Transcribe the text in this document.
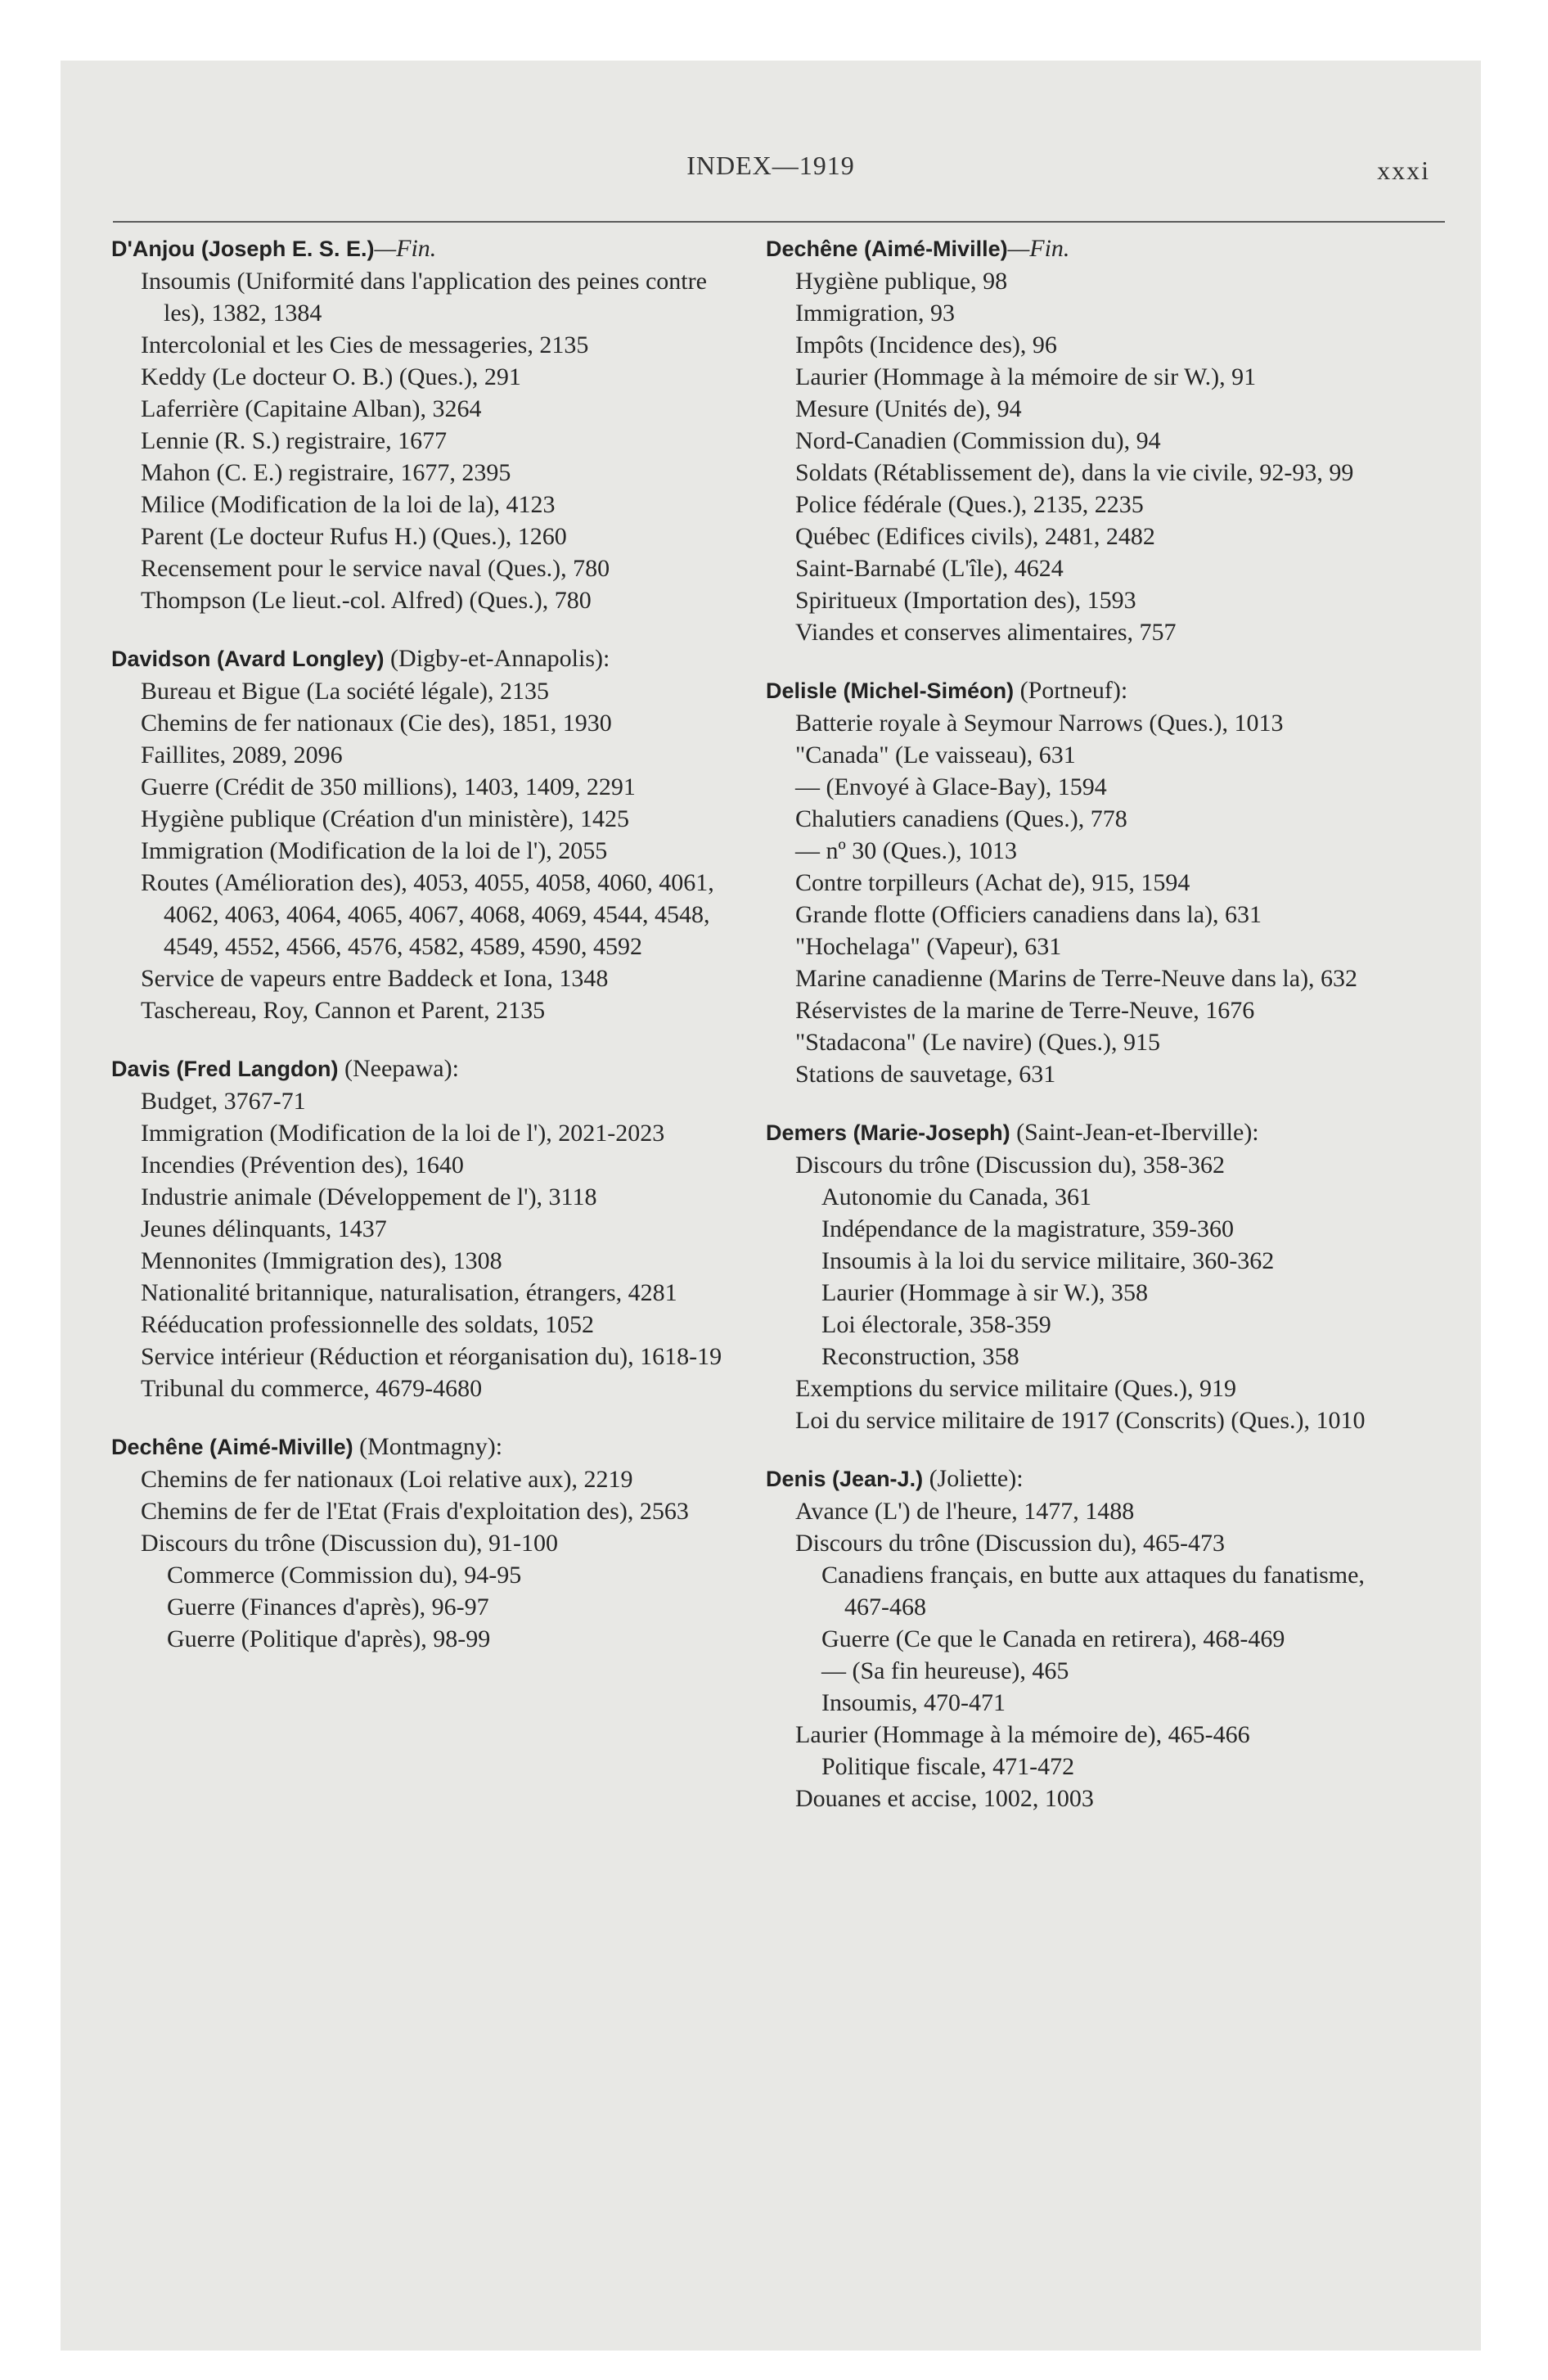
INDEX—1919	xxxi
D'Anjou (Joseph E. S. E.)—Fin.
Insoumis (Uniformité dans l'application des peines contre les), 1382, 1384
Intercolonial et les Cies de messageries, 2135
Keddy (Le docteur O. B.) (Ques.), 291
Laferrière (Capitaine Alban), 3264
Lennie (R. S.) registraire, 1677
Mahon (C. E.) registraire, 1677, 2395
Milice (Modification de la loi de la), 4123
Parent (Le docteur Rufus H.) (Ques.), 1260
Recensement pour le service naval (Ques.), 780
Thompson (Le lieut.-col. Alfred) (Ques.), 780
Davidson (Avard Longley) (Digby-et-Annapolis):
Bureau et Bigue (La société légale), 2135
Chemins de fer nationaux (Cie des), 1851, 1930
Faillites, 2089, 2096
Guerre (Crédit de 350 millions), 1403, 1409, 2291
Hygiène publique (Création d'un ministère), 1425
Immigration (Modification de la loi de l'), 2055
Routes (Amélioration des), 4053, 4055, 4058, 4060, 4061, 4062, 4063, 4064, 4065, 4067, 4068, 4069, 4544, 4548, 4549, 4552, 4566, 4576, 4582, 4589, 4590, 4592
Service de vapeurs entre Baddeck et Iona, 1348
Taschereau, Roy, Cannon et Parent, 2135
Davis (Fred Langdon) (Neepawa):
Budget, 3767-71
Immigration (Modification de la loi de l'), 2021-2023
Incendies (Prévention des), 1640
Industrie animale (Développement de l'), 3118
Jeunes délinquants, 1437
Mennonites (Immigration des), 1308
Nationalité britannique, naturalisation, étrangers, 4281
Rééducation professionnelle des soldats, 1052
Service intérieur (Réduction et réorganisation du), 1618-19
Tribunal du commerce, 4679-4680
Dechêne (Aimé-Miville) (Montmagny):
Chemins de fer nationaux (Loi relative aux), 2219
Chemins de fer de l'Etat (Frais d'exploitation des), 2563
Discours du trône (Discussion du), 91-100
Commerce (Commission du), 94-95
Guerre (Finances d'après), 96-97
Guerre (Politique d'après), 98-99
Dechêne (Aimé-Miville)—Fin.
Hygiène publique, 98
Immigration, 93
Impôts (Incidence des), 96
Laurier (Hommage à la mémoire de sir W.), 91
Mesure (Unités de), 94
Nord-Canadien (Commission du), 94
Soldats (Rétablissement de), dans la vie civile, 92-93, 99
Police fédérale (Ques.), 2135, 2235
Québec (Edifices civils), 2481, 2482
Saint-Barnabé (L'île), 4624
Spiritueux (Importation des), 1593
Viandes et conserves alimentaires, 757
Delisle (Michel-Siméon) (Portneuf):
Batterie royale à Seymour Narrows (Ques.), 1013
"Canada" (Le vaisseau), 631
— (Envoyé à Glace-Bay), 1594
Chalutiers canadiens (Ques.), 778
— nº 30 (Ques.), 1013
Contre torpilleurs (Achat de), 915, 1594
Grande flotte (Officiers canadiens dans la), 631
"Hochelaga" (Vapeur), 631
Marine canadienne (Marins de Terre-Neuve dans la), 632
Réservistes de la marine de Terre-Neuve, 1676
"Stadacona" (Le navire) (Ques.), 915
Stations de sauvetage, 631
Demers (Marie-Joseph) (Saint-Jean-et-Iberville):
Discours du trône (Discussion du), 358-362
Autonomie du Canada, 361
Indépendance de la magistrature, 359-360
Insoumis à la loi du service militaire, 360-362
Laurier (Hommage à sir W.), 358
Loi électorale, 358-359
Reconstruction, 358
Exemptions du service militaire (Ques.), 919
Loi du service militaire de 1917 (Conscrits) (Ques.), 1010
Denis (Jean-J.) (Joliette):
Avance (L') de l'heure, 1477, 1488
Discours du trône (Discussion du), 465-473
Canadiens français, en butte aux attaques du fanatisme, 467-468
Guerre (Ce que le Canada en retirera), 468-469
— (Sa fin heureuse), 465
Insoumis, 470-471
Laurier (Hommage à la mémoire de), 465-466
Politique fiscale, 471-472
Douanes et accise, 1002, 1003
